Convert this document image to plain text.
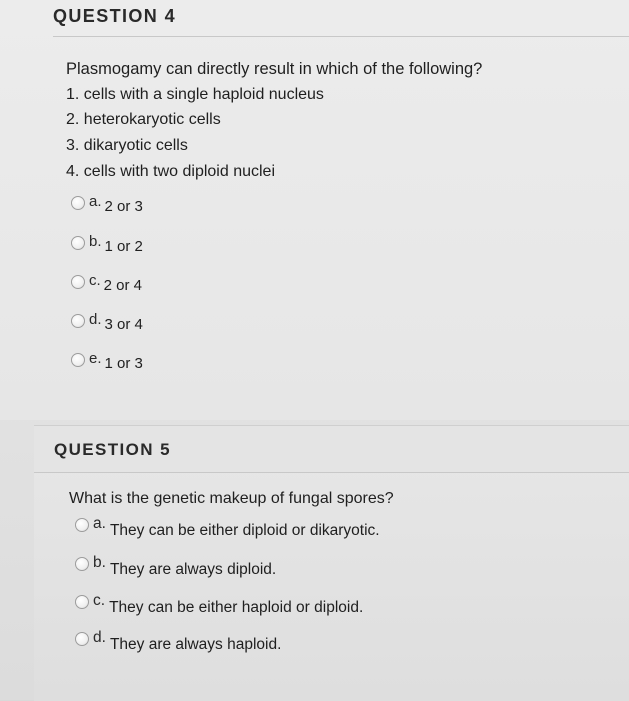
QUESTION 4
Plasmogamy can directly result in which of the following?
1. cells with a single haploid nucleus
2. heterokaryotic cells
3. dikaryotic cells
4. cells with two diploid nuclei
a. 2 or 3
b. 1 or 2
c. 2 or 4
d. 3 or 4
e. 1 or 3
QUESTION 5
What is the genetic makeup of fungal spores?
a. They can be either diploid or dikaryotic.
b. They are always diploid.
c. They can be either haploid or diploid.
d. They are always haploid.
